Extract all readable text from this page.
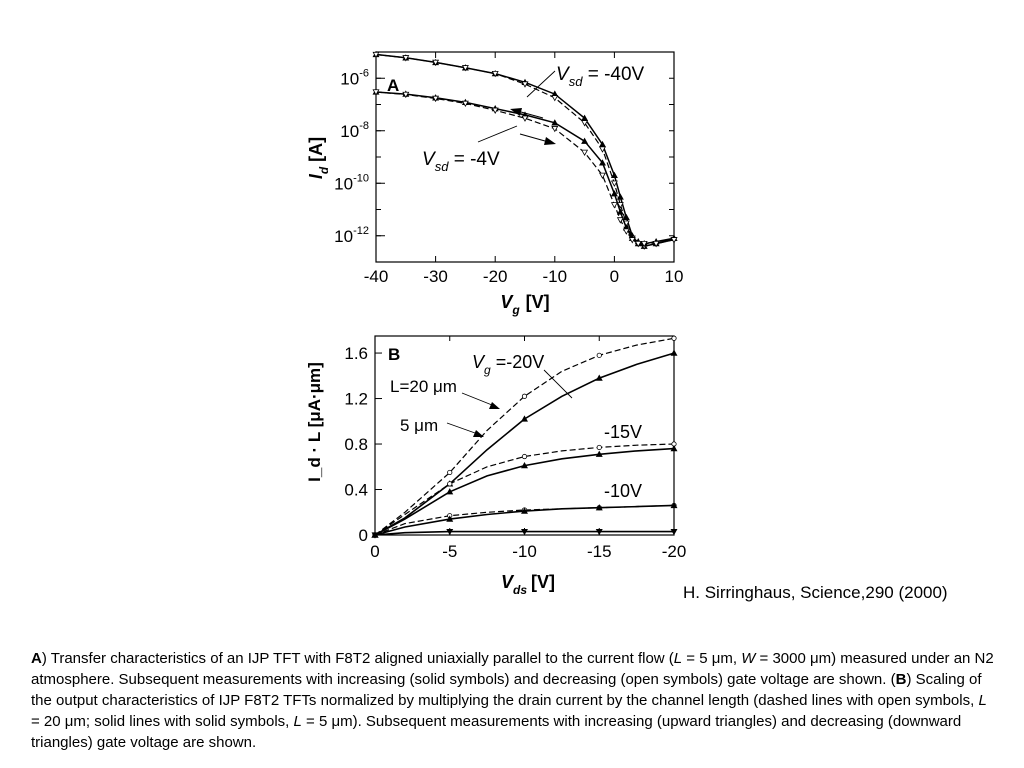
-40 -30 -20 -10	0	10
$10^{-6}$
$10^{-8}$
$10^{-10}$
$10^{-12}$
A
$I_d[A]$
$V_g$ [V]
$V_{sd} = -40V$
$V_{sd} = -4V$
0	-5	-10	-15	-20
0
0.4
0.8
1.2
1.6 B
I_d · L [μA·μm]
$V_{ds}$ [V]
$V_g =-20V$
L=20 μm
5 μm	-15V
-10V
H. Sirringhaus, Science,290 (2000)
A) Transfer characteristics of an IJP TFT with F8T2 aligned uniaxially parallel to the current flow (L = 5 μm, W = 3000 μm) measured under an N2 atmosphere. Subsequent measurements with increasing (solid symbols) and decreasing (open symbols) gate voltage are shown. (B) Scaling of the output characteristics of IJP F8T2 TFTs normalized by multiplying the drain current by the channel length (dashed lines with open symbols, L = 20 μm; solid lines with solid symbols, L = 5 μm). Subsequent measurements with increasing (upward triangles) and decreasing (downward triangles) gate voltage are shown.
